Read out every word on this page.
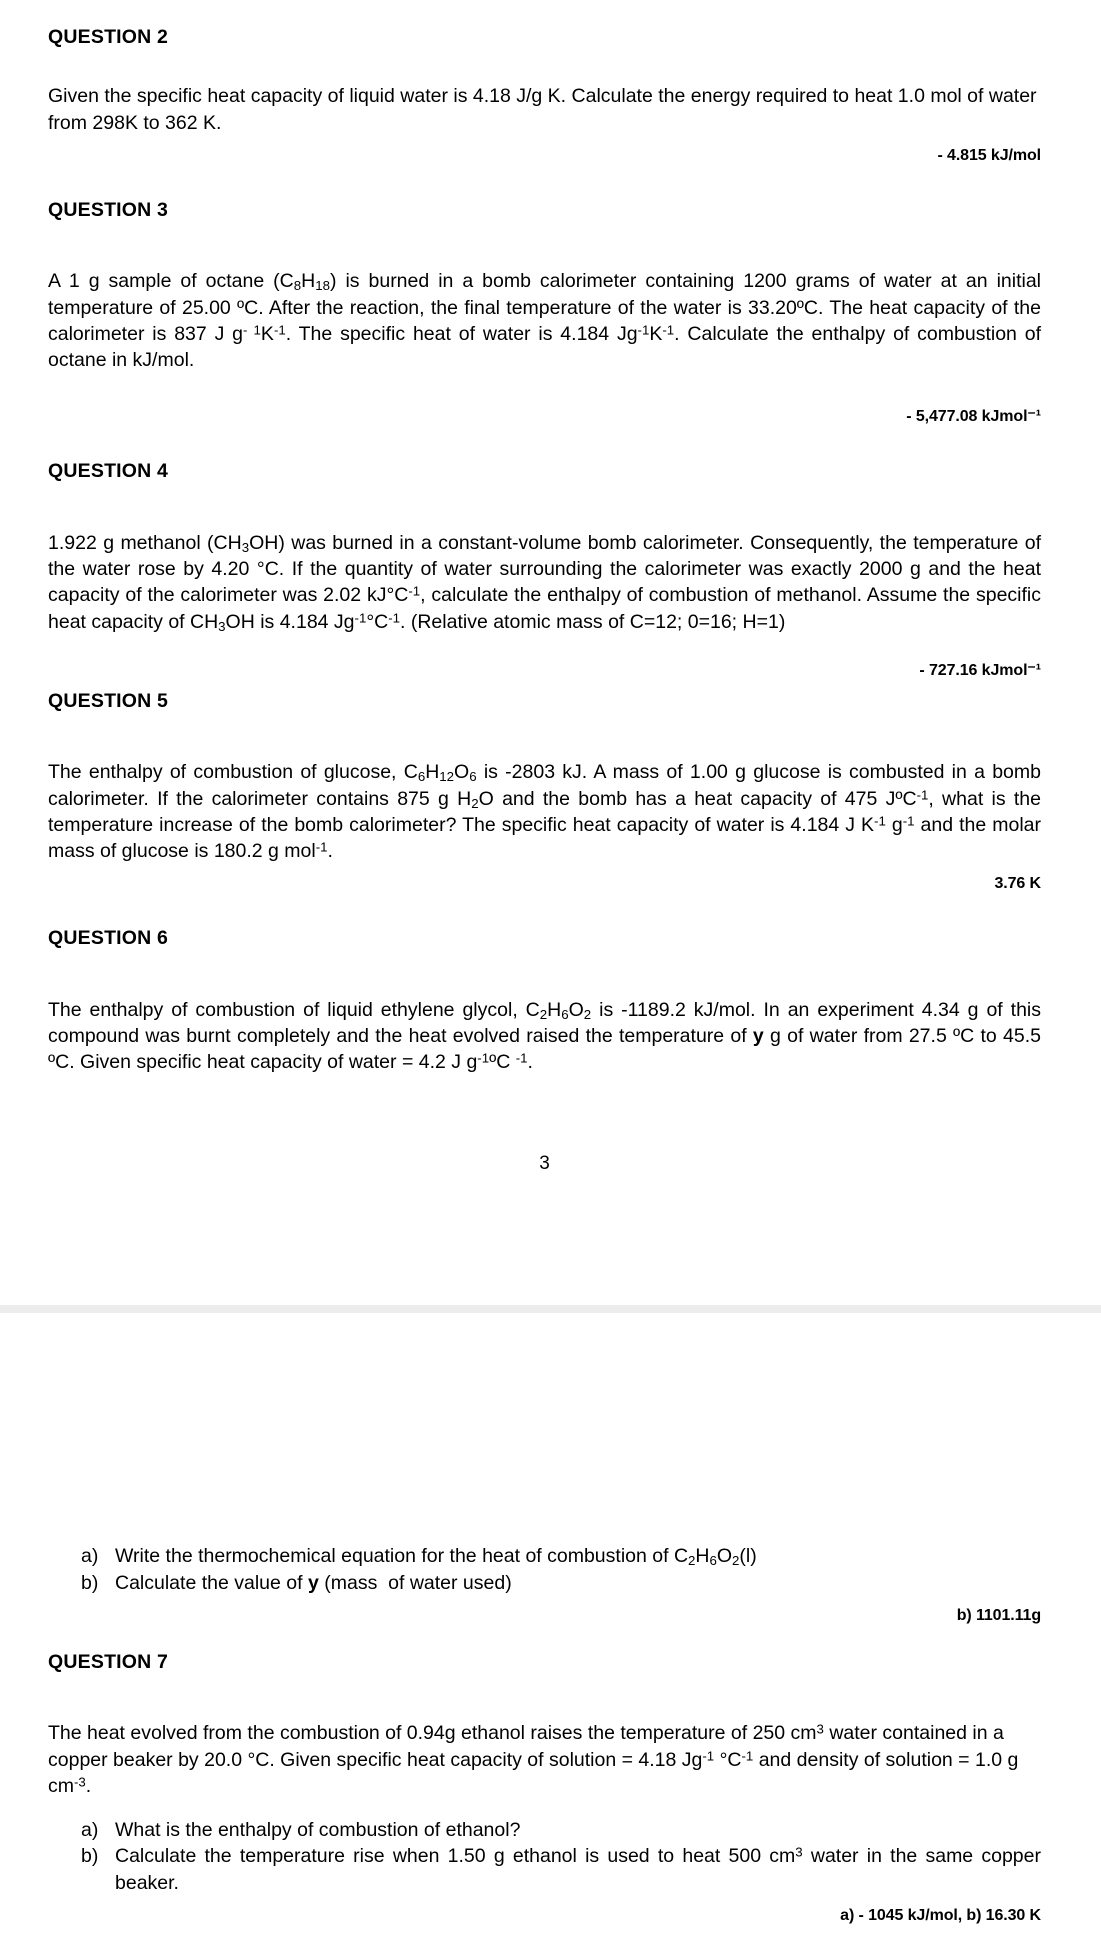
QUESTION 2

Given the specific heat capacity of liquid water is 4.18 J/g K. Calculate the energy required to heat 1.0 mol of water from 298K to 362 K.

- 4.815 kJ/mol

QUESTION 3

A 1 g sample of octane $(C_8H_{18})$ is burned in a bomb calorimeter containing 1200 grams of water at an initial temperature of 25.00 ºC. After the reaction, the final temperature of the water is 33.20ºC. The heat capacity of the calorimeter is 837 J $g^{- 1}K^{-1}$. The specific heat of water is 4.184 $Jg^{-1}K^{-1}$. Calculate the enthalpy of combustion of octane in kJ/mol.

- 5,477.08 kJmol⁻¹

QUESTION 4

1.922 g methanol $(CH_3OH)$ was burned in a constant-volume bomb calorimeter. Consequently, the temperature of the water rose by 4.20 °C. If the quantity of water surrounding the calorimeter was exactly 2000 g and the heat capacity of the calorimeter was 2.02 $kJ^\circ C^{-1}$, calculate the enthalpy of combustion of methanol. Assume the specific heat capacity of $CH_3OH$ is 4.184 $Jg^{-1}^\circ C^{-1}$. (Relative atomic mass of C=12; 0=16; H=1)

- 727.16 kJmol⁻¹

QUESTION 5

The enthalpy of combustion of glucose, $C_6H_{12}O_6$ is -2803 kJ. A mass of 1.00 g glucose is combusted in a bomb calorimeter. If the calorimeter contains 875 g $H_2O$ and the bomb has a heat capacity of 475 JºC$^{-1}$, what is the temperature increase of the bomb calorimeter? The specific heat capacity of water is 4.184 J $K^{-1}$ $g^{-1}$ and the molar mass of glucose is 180.2 g mol$^{-1}$.

3.76 K

QUESTION 6

The enthalpy of combustion of liquid ethylene glycol, $C_2H_6O_2$ is -1189.2 kJ/mol. In an experiment 4.34 g of this compound was burnt completely and the heat evolved raised the temperature of y g of water from 27.5 ºC to 45.5 ºC. Given specific heat capacity of water = 4.2 J $g^{-1}ºC$ $^{-1}$.

3

a) Write the thermochemical equation for the heat of combustion of $C_2H_6O_2(l)$
b) Calculate the value of y (mass  of water used)

b) 1101.11g

QUESTION 7

The heat evolved from the combustion of 0.94g ethanol raises the temperature of 250 $cm^3$ water contained in a copper beaker by 20.0 °C. Given specific heat capacity of solution = 4.18 $Jg^{-1}$ $^\circ C^{-1}$ and density of solution = 1.0 g $cm^{-3}$.

a) What is the enthalpy of combustion of ethanol?
b) Calculate the temperature rise when 1.50 g ethanol is used to heat 500 $cm^3$ water in the same copper beaker.

a) - 1045 kJ/mol, b) 16.30 K
